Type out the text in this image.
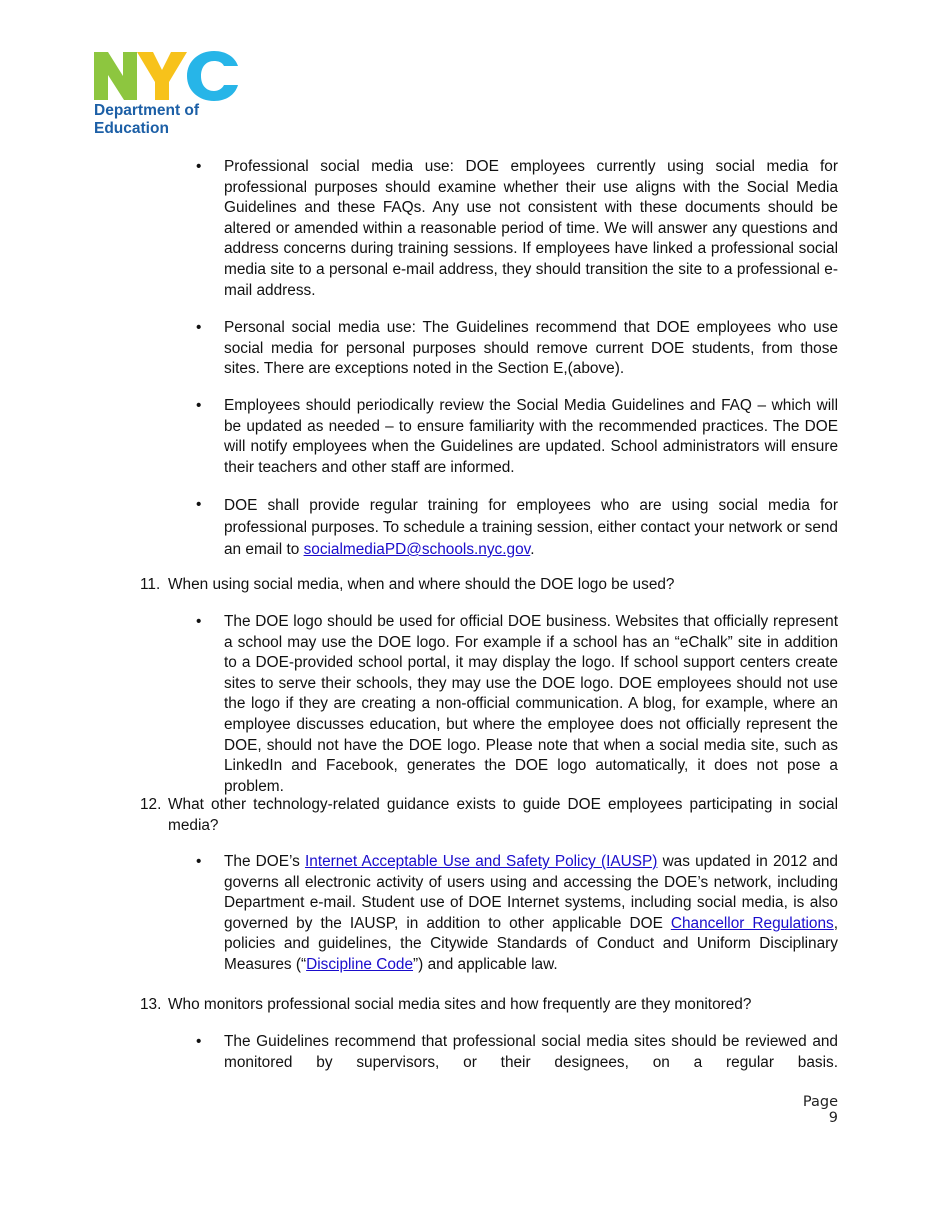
Department of
Education
• Professional social media use: DOE employees currently using social media for professional purposes should examine whether their use aligns with the Social Media Guidelines and these FAQs. Any use not consistent with these documents should be altered or amended within a reasonable period of time. We will answer any questions and address concerns during training sessions. If employees have linked a professional social media site to a personal e-mail address, they should transition the site to a professional e-mail address.
• Personal social media use: The Guidelines recommend that DOE employees who use social media for personal purposes should remove current DOE students, from those sites. There are exceptions noted in the Section E,(above).
• Employees should periodically review the Social Media Guidelines and FAQ – which will be updated as needed – to ensure familiarity with the recommended practices. The DOE will notify employees when the Guidelines are updated. School administrators will ensure their teachers and other staff are informed.
• DOE shall provide regular training for employees who are using social media for professional purposes. To schedule a training session, either contact your network or send an email to socialmediaPD@schools.nyc.gov.
11. When using social media, when and where should the DOE logo be used?
• The DOE logo should be used for official DOE business. Websites that officially represent a school may use the DOE logo. For example if a school has an “eChalk” site in addition to a DOE-provided school portal, it may display the logo. If school support centers create sites to serve their schools, they may use the DOE logo. DOE employees should not use the logo if they are creating a non-official communication. A blog, for example, where an employee discusses education, but where the employee does not officially represent the DOE, should not have the DOE logo. Please note that when a social media site, such as LinkedIn and Facebook, generates the DOE logo automatically, it does not pose a problem.
12. What other technology-related guidance exists to guide DOE employees participating in social media?
• The DOE’s Internet Acceptable Use and Safety Policy (IAUSP) was updated in 2012 and governs all electronic activity of users using and accessing the DOE’s network, including Department e-mail. Student use of DOE Internet systems, including social media, is also governed by the IAUSP, in addition to other applicable DOE Chancellor Regulations, policies and guidelines, the Citywide Standards of Conduct and Uniform Disciplinary Measures (“Discipline Code”) and applicable law.
13. Who monitors professional social media sites and how frequently are they monitored?
• The Guidelines recommend that professional social media sites should be reviewed and monitored by supervisors, or their designees, on a regular basis.
Page 9
